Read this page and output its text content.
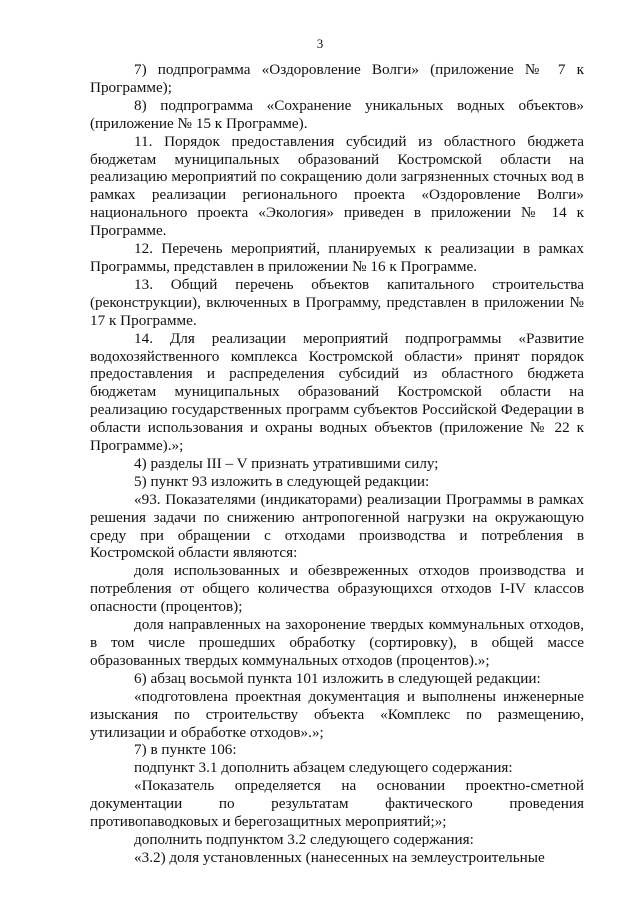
3

7) подпрограмма «Оздоровление Волги» (приложение № 7 к Программе);

8) подпрограмма «Сохранение уникальных водных объектов» (приложение № 15 к Программе).

11. Порядок предоставления субсидий из областного бюджета бюджетам муниципальных образований Костромской области на реализацию мероприятий по сокращению доли загрязненных сточных вод в рамках реализации регионального проекта «Оздоровление Волги» национального проекта «Экология» приведен в приложении № 14 к Программе.

12. Перечень мероприятий, планируемых к реализации в рамках Программы, представлен в приложении № 16 к Программе.

13. Общий перечень объектов капитального строительства (реконструкции), включенных в Программу, представлен в приложении № 17 к Программе.

14. Для реализации мероприятий подпрограммы «Развитие водохозяйственного комплекса Костромской области» принят порядок предоставления и распределения субсидий из областного бюджета бюджетам муниципальных образований Костромской области на реализацию государственных программ субъектов Российской Федерации в области использования и охраны водных объектов (приложение № 22 к Программе).»;

4) разделы III – V признать утратившими силу;

5) пункт 93 изложить в следующей редакции:

«93. Показателями (индикаторами) реализации Программы в рамках решения задачи по снижению антропогенной нагрузки на окружающую среду при обращении с отходами производства и потребления в Костромской области являются:

доля использованных и обезвреженных отходов производства и потребления от общего количества образующихся отходов I-IV классов опасности (процентов);

доля направленных на захоронение твердых коммунальных отходов, в том числе прошедших обработку (сортировку), в общей массе образованных твердых коммунальных отходов (процентов).»;

6) абзац восьмой пункта 101 изложить в следующей редакции:

«подготовлена проектная документация и выполнены инженерные изыскания по строительству объекта «Комплекс по размещению, утилизации и обработке отходов».»;

7) в пункте 106:

подпункт 3.1 дополнить абзацем следующего содержания:

«Показатель определяется на основании проектно-сметной документации по результатам фактического проведения противопаводковых и берегозащитных мероприятий;»;

дополнить подпунктом 3.2 следующего содержания:

«3.2) доля установленных (нанесенных на землеустроительные
